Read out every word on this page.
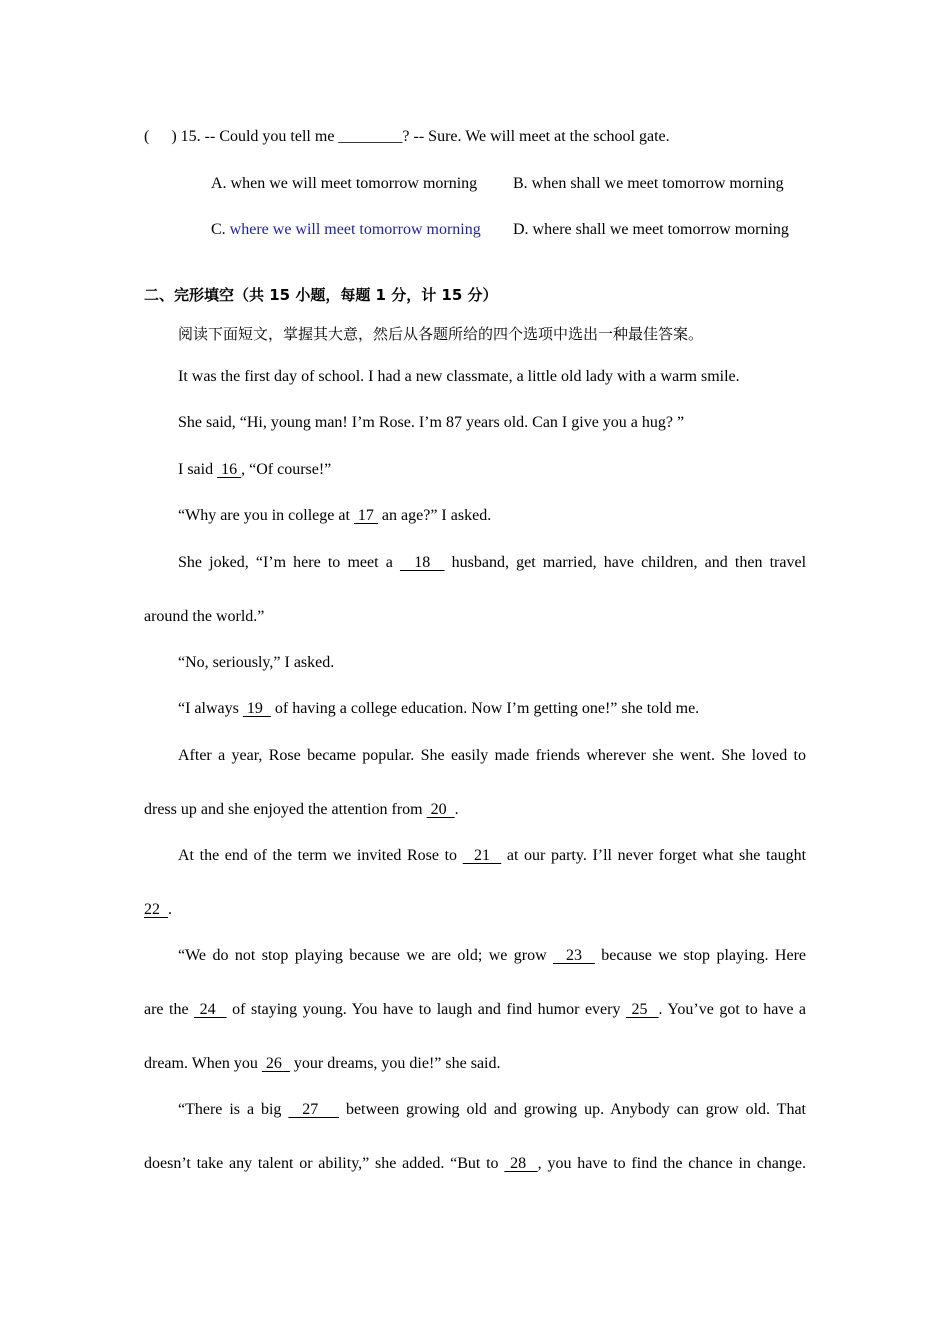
( ) 15. -- Could you tell me ________? -- Sure. We will meet at the school gate.
A. when we will meet tomorrow morning B. when shall we meet tomorrow morning
C. where we will meet tomorrow morning D. where shall we meet tomorrow morning
二、完形填空（共 15 小题，每题 1 分，计 15 分）
阅读下面短文，掌握其大意，然后从各题所给的四个选项中选出一种最佳答案。
It was the first day of school. I had a new classmate, a little old lady with a warm smile.
She said, “Hi, young man! I’m Rose. I’m 87 years old. Can I give you a hug? ”
I said  16 , “Of course!”
“Why are you in college at  17  an age?” I asked.
She joked, “I’m here to meet a   18   husband, get married, have children, and then travel
around the world.”
“No, seriously,” I asked.
“I always  19   of having a college education. Now I’m getting one!” she told me.
After a year, Rose became popular. She easily made friends wherever she went. She loved to
dress up and she enjoyed the attention from  20  .
At the end of the term we invited Rose to   21   at our party. I’ll never forget what she taught
22  .
“We do not stop playing because we are old; we grow   23   because we stop playing. Here
are the  24   of staying young. You have to laugh and find humor every  25  . You’ve got to have a
dream. When you  26   your dreams, you die!” she said.
“There is a big   27    between growing old and growing up. Anybody can grow old. That
doesn’t take any talent or ability,” she added. “But to  28  , you have to find the chance in change.
